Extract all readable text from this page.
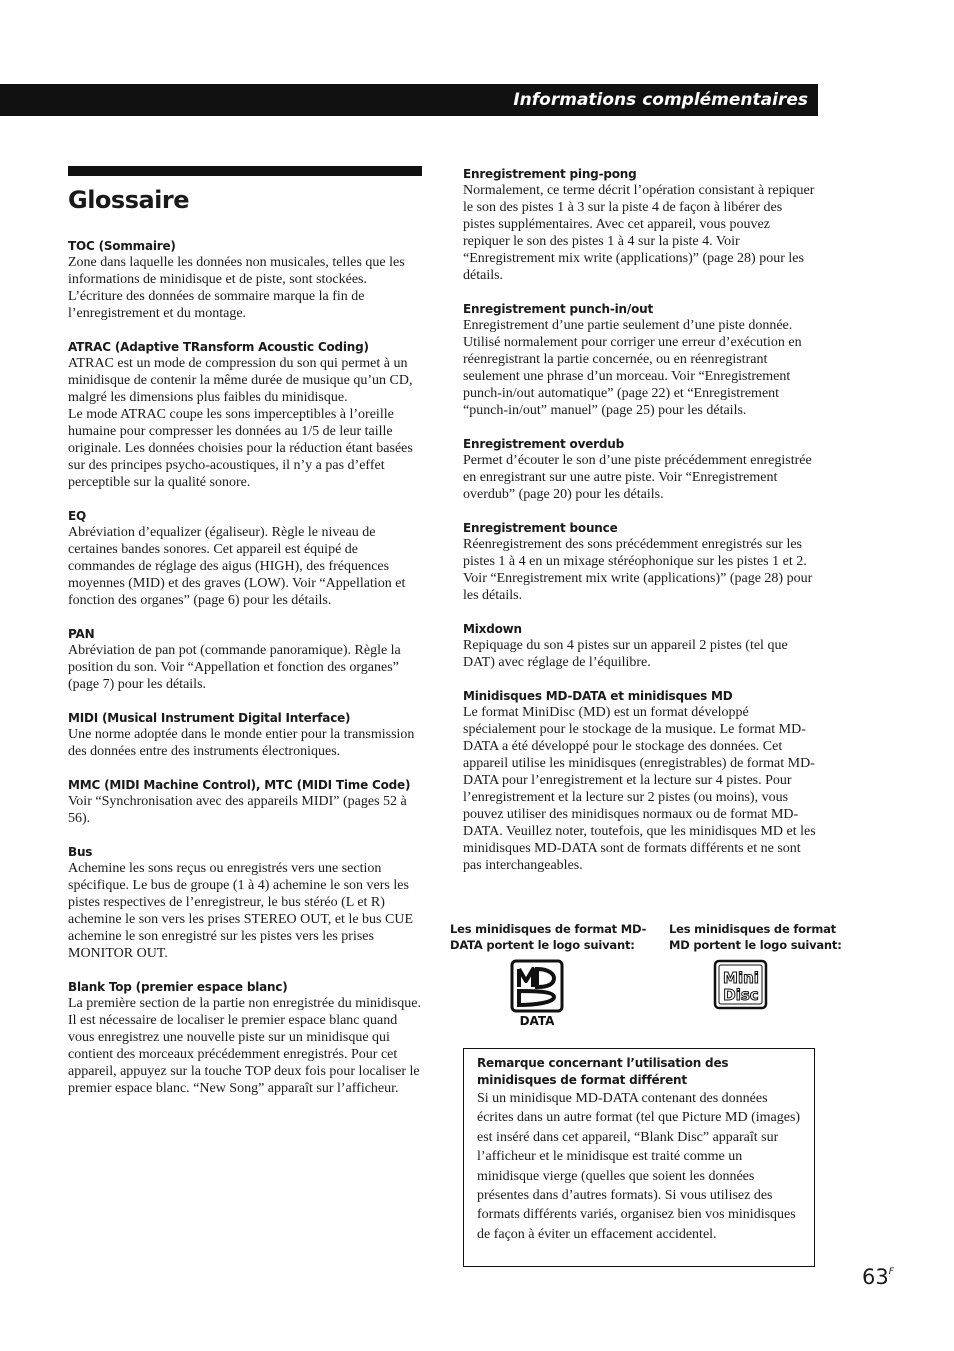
Informations complémentaires
Glossaire
TOC (Sommaire)

Zone dans laquelle les données non musicales, telles que les informations de minidisque et de piste, sont stockées. L’écriture des données de sommaire marque la fin de l’enregistrement et du montage.

ATRAC (Adaptive TRansform Acoustic Coding)

ATRAC est un mode de compression du son qui permet à un minidisque de contenir la même durée de musique qu’un CD, malgré les dimensions plus faibles du minidisque.

Le mode ATRAC coupe les sons imperceptibles à l’oreille humaine pour compresser les données au 1/5 de leur taille originale. Les données choisies pour la réduction étant basées sur des principes psycho-acoustiques, il n’y a pas d’effet perceptible sur la qualité sonore.

EQ

Abréviation d’equalizer (égaliseur). Règle le niveau de certaines bandes sonores. Cet appareil est équipé de commandes de réglage des aigus (HIGH), des fréquences moyennes (MID) et des graves (LOW). Voir “Appellation et fonction des organes” (page 6) pour les détails.

PAN

Abréviation de pan pot (commande panoramique). Règle la position du son. Voir “Appellation et fonction des organes” (page 7) pour les détails.

MIDI (Musical Instrument Digital Interface)

Une norme adoptée dans le monde entier pour la transmission des données entre des instruments électroniques.

MMC (MIDI Machine Control), MTC (MIDI Time Code)

Voir “Synchronisation avec des appareils MIDI” (pages 52 à 56).

Bus

Achemine les sons reçus ou enregistrés vers une section spécifique. Le bus de groupe (1 à 4) achemine le son vers les pistes respectives de l’enregistreur, le bus stéréo (L et R) achemine le son vers les prises STEREO OUT, et le bus CUE achemine le son enregistré sur les pistes vers les prises MONITOR OUT.

Blank Top (premier espace blanc)

La première section de la partie non enregistrée du minidisque. Il est nécessaire de localiser le premier espace blanc quand vous enregistrez une nouvelle piste sur un minidisque qui contient des morceaux précédemment enregistrés. Pour cet appareil, appuyez sur la touche TOP deux fois pour localiser le premier espace blanc. “New Song” apparaît sur l’afficheur.

Enregistrement ping-pong

Normalement, ce terme décrit l’opération consistant à repiquer le son des pistes 1 à 3 sur la piste 4 de façon à libérer des pistes supplémentaires. Avec cet appareil, vous pouvez repiquer le son des pistes 1 à 4 sur la piste 4. Voir “Enregistrement mix write (applications)” (page 28) pour les détails.

Enregistrement punch-in/out

Enregistrement d’une partie seulement d’une piste donnée. Utilisé normalement pour corriger une erreur d’exécution en réenregistrant la partie concernée, ou en réenregistrant seulement une phrase d’un morceau. Voir “Enregistrement punch-in/out automatique” (page 22) et “Enregistrement “punch-in/out” manuel” (page 25) pour les détails.

Enregistrement overdub

Permet d’écouter le son d’une piste précédemment enregistrée en enregistrant sur une autre piste. Voir “Enregistrement overdub” (page 20) pour les détails.

Enregistrement bounce

Réenregistrement des sons précédemment enregistrés sur les pistes 1 à 4 en un mixage stéréophonique sur les pistes 1 et 2. Voir “Enregistrement mix write (applications)” (page 28) pour les détails.

Mixdown

Repiquage du son 4 pistes sur un appareil 2 pistes (tel que DAT) avec réglage de l’équilibre.

Minidisques MD-DATA et minidisques MD

Le format MiniDisc (MD) est un format développé spécialement pour le stockage de la musique. Le format MD-DATA a été développé pour le stockage des données. Cet appareil utilise les minidisques (enregistrables) de format MD-DATA pour l’enregistrement et la lecture sur 4 pistes. Pour l’enregistrement et la lecture sur 2 pistes (ou moins), vous pouvez utiliser des minidisques normaux ou de format MD-DATA. Veuillez noter, toutefois, que les minidisques MD et les minidisques MD-DATA sont de formats différents et ne sont pas interchangeables.

Les minidisques de format MD-DATA portent le logo suivant:
DATA
Les minidisques de format MD portent le logo suivant:
Mini
Disc
Remarque concernant l’utilisation des minidisques de format différent

Si un minidisque MD-DATA contenant des données écrites dans un autre format (tel que Picture MD (images) est inséré dans cet appareil, “Blank Disc” apparaît sur l’afficheur et le minidisque est traité comme un minidisque vierge (quelles que soient les données présentes dans d’autres formats). Si vous utilisez des formats différents variés, organisez bien vos minidisques de façon à éviter un effacement accidentel.

$63^F$
